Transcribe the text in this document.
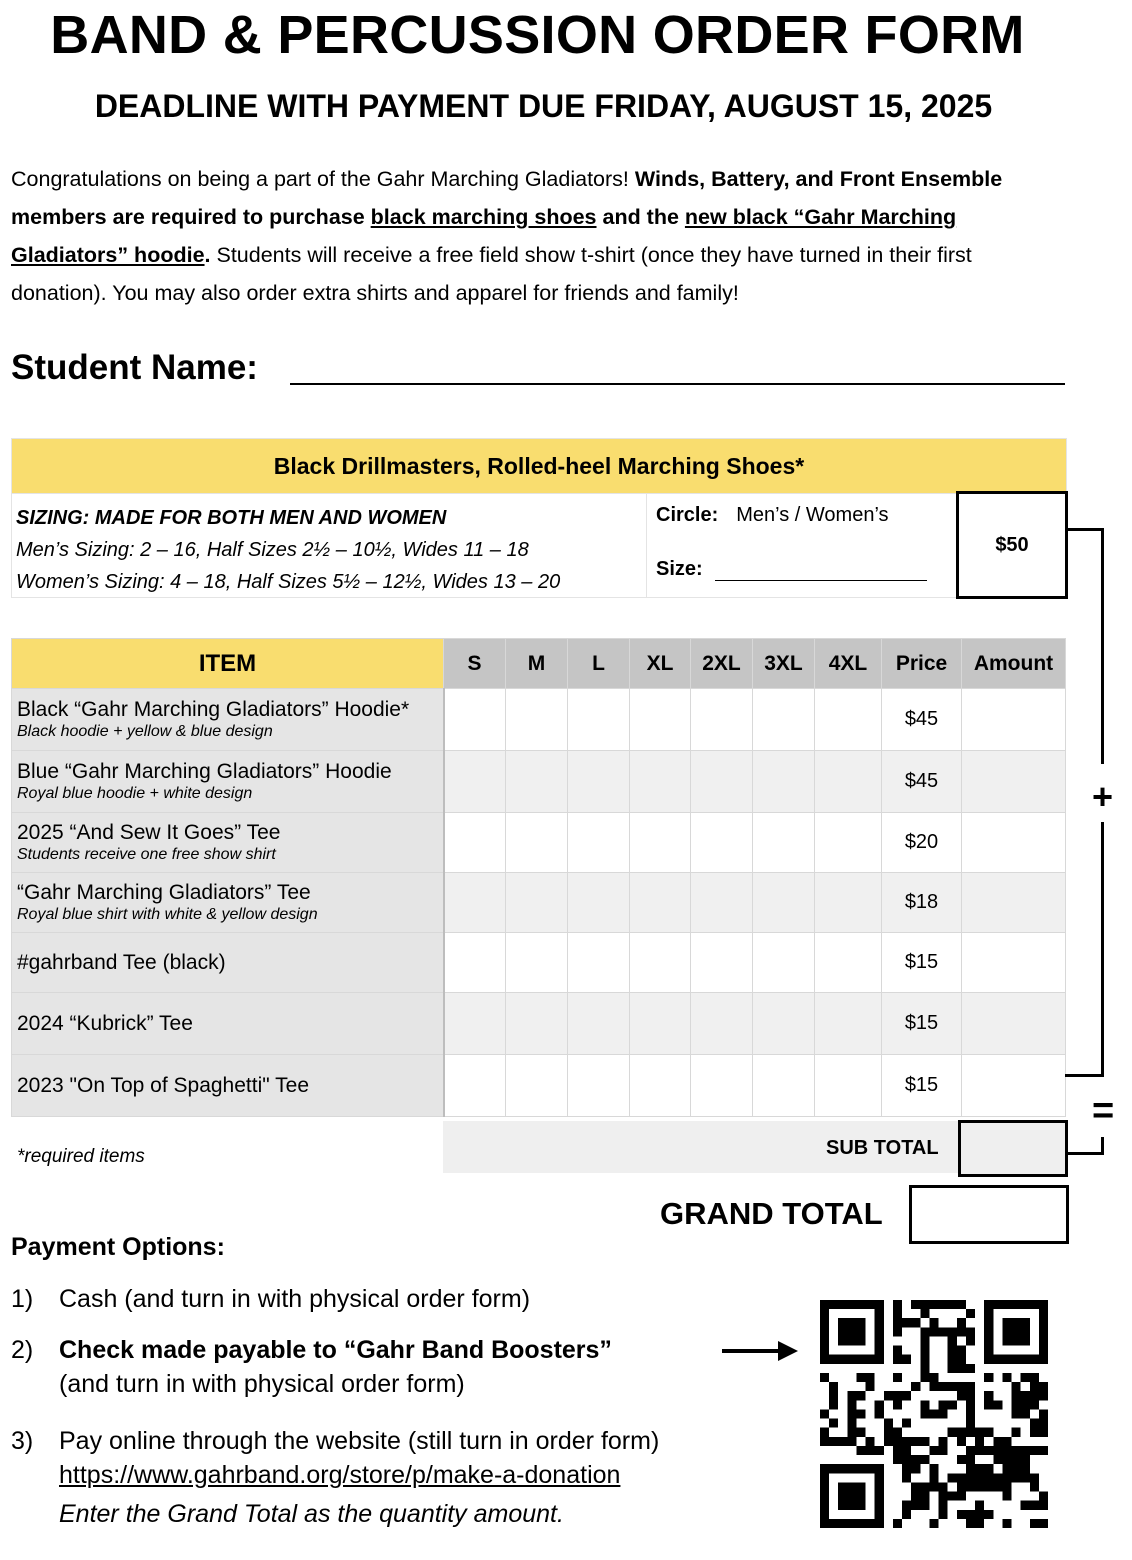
BAND & PERCUSSION ORDER FORM
DEADLINE WITH PAYMENT DUE FRIDAY, AUGUST 15, 2025
Congratulations on being a part of the Gahr Marching Gladiators! Winds, Battery, and Front Ensemble members are required to purchase black marching shoes and the new black “Gahr Marching Gladiators” hoodie. Students will receive a free field show t-shirt (once they have turned in their first donation). You may also order extra shirts and apparel for friends and family!
Student Name:
Black Drillmasters, Rolled-heel Marching Shoes*
SIZING: MADE FOR BOTH MEN AND WOMEN
Men’s Sizing: 2 – 16, Half Sizes 2½ – 10½, Wides 11 – 18
Women’s Sizing: 4 – 18, Half Sizes 5½ – 12½, Wides 13 – 20
Circle: Men’s / Women’s
Size:
$50
ITEM	S	M	L	XL	2XL	3XL	4XL	Price	Amount

Black “Gahr Marching Gladiators” Hoodie*
Black hoodie + yellow & blue design								$45	

Blue “Gahr Marching Gladiators” Hoodie
Royal blue hoodie + white design								$45	

2025 “And Sew It Goes” Tee
Students receive one free show shirt								$20	

“Gahr Marching Gladiators” Tee
Royal blue shirt with white & yellow design								$18	

#gahrband Tee (black)								$15	

2024 “Kubrick” Tee								$15	

2023 "On Top of Spaghetti" Tee								$15	
*required items	SUB TOTAL
GRAND TOTAL
+
=
Payment Options:
1) Cash (and turn in with physical order form)
2) Check made payable to “Gahr Band Boosters”
(and turn in with physical order form)
3) Pay online through the website (still turn in order form)
https://www.gahrband.org/store/p/make-a-donation
Enter the Grand Total as the quantity amount.
